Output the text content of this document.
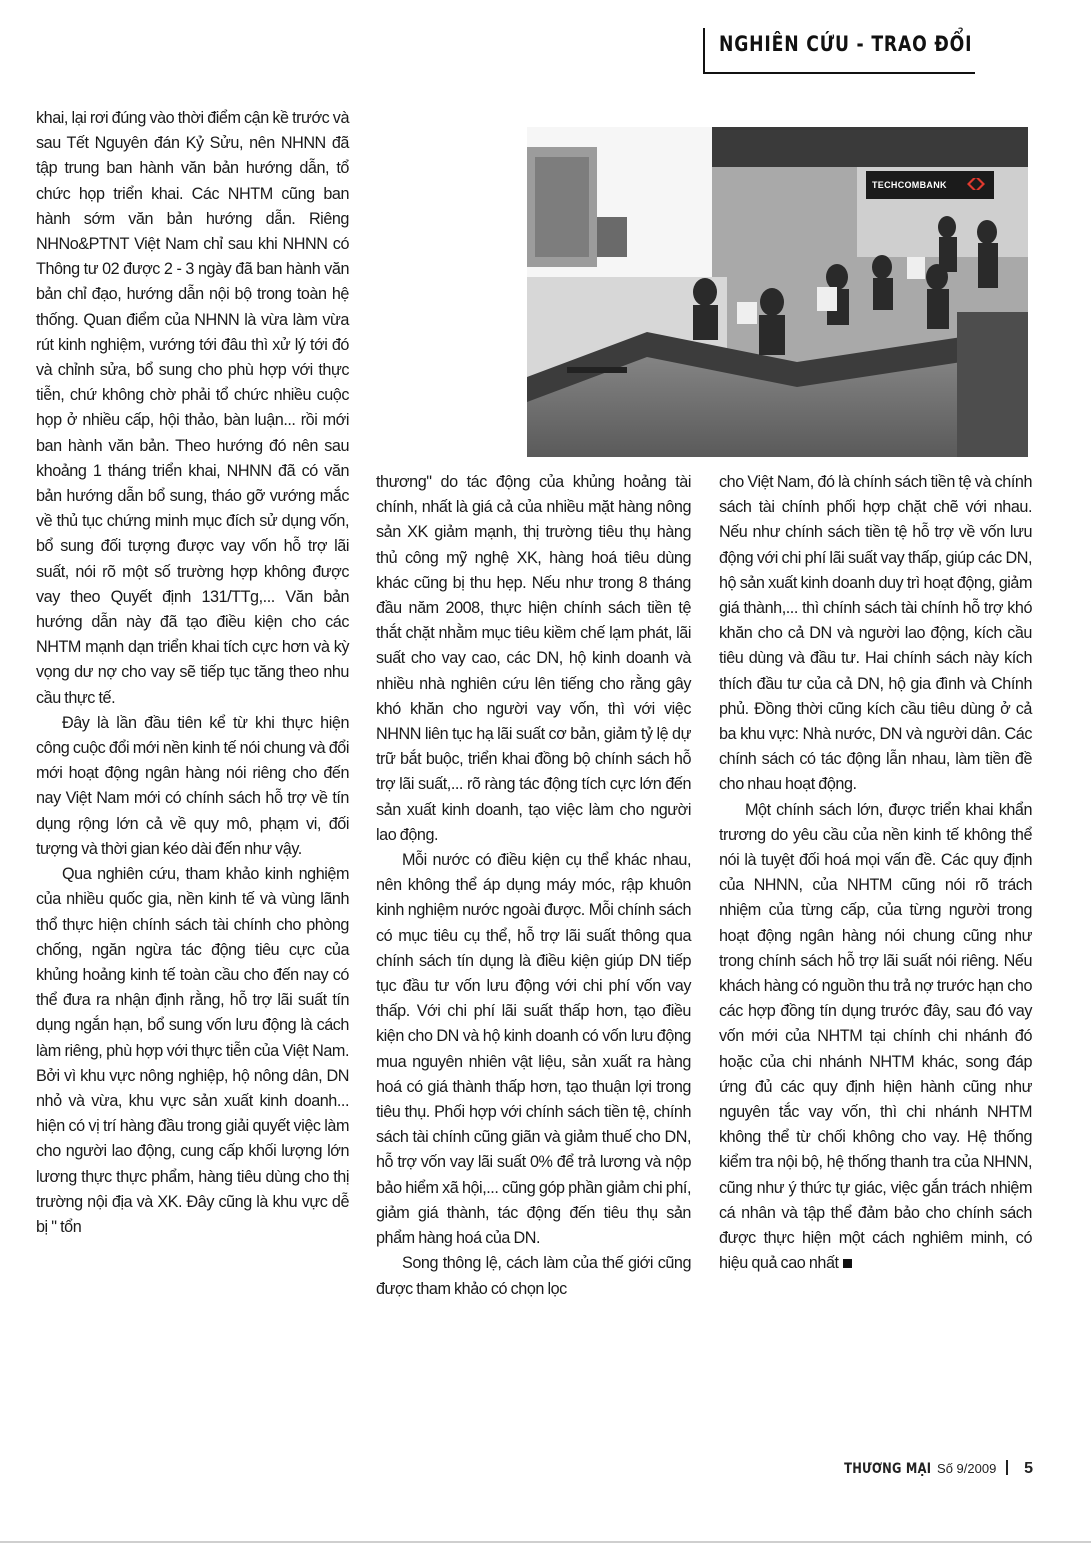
NGHIÊN CỨU - TRAO ĐỔI

khai, lại rơi đúng vào thời điểm cận kề trước và sau Tết Nguyên đán Kỷ Sửu, nên NHNN đã tập trung ban hành văn bản hướng dẫn, tổ chức họp triển khai. Các NHTM cũng ban hành sớm văn bản hướng dẫn. Riêng NHNo&PTNT Việt Nam chỉ sau khi NHNN có Thông tư 02 được 2 - 3 ngày đã ban hành văn bản chỉ đạo, hướng dẫn nội bộ trong toàn hệ thống. Quan điểm của NHNN là vừa làm vừa rút kinh nghiệm, vướng tới đâu thì xử lý tới đó và chỉnh sửa, bổ sung cho phù hợp với thực tiễn, chứ không chờ phải tổ chức nhiều cuộc họp ở nhiều cấp, hội thảo, bàn luận... rồi mới ban hành văn bản. Theo hướng đó nên sau khoảng 1 tháng triển khai, NHNN đã có văn bản hướng dẫn bổ sung, tháo gỡ vướng mắc về thủ tục chứng minh mục đích sử dụng vốn, bổ sung đối tượng được vay vốn hỗ trợ lãi suất, nói rõ một số trường hợp không được vay theo Quyết định 131/TTg,... Văn bản hướng dẫn này đã tạo điều kiện cho các NHTM mạnh dạn triển khai tích cực hơn và kỳ vọng dư nợ cho vay sẽ tiếp tục tăng theo nhu cầu thực tế.

Đây là lần đầu tiên kể từ khi thực hiện công cuộc đổi mới nền kinh tế nói chung và đổi mới hoạt động ngân hàng nói riêng cho đến nay Việt Nam mới có chính sách hỗ trợ về tín dụng rộng lớn cả về quy mô, phạm vi, đối tượng và thời gian kéo dài đến như vậy.

Qua nghiên cứu, tham khảo kinh nghiệm của nhiều quốc gia, nền kinh tế và vùng lãnh thổ thực hiện chính sách tài chính cho phòng chống, ngăn ngừa tác động tiêu cực của khủng hoảng kinh tế toàn cầu cho đến nay có thể đưa ra nhận định rằng, hỗ trợ lãi suất tín dụng ngắn hạn, bổ sung vốn lưu động là cách làm riêng, phù hợp với thực tiễn của Việt Nam. Bởi vì khu vực nông nghiệp, hộ nông dân, DN nhỏ và vừa, khu vực sản xuất kinh doanh... hiện có vị trí hàng đầu trong giải quyết việc làm cho người lao động, cung cấp khối lượng lớn lương thực thực phẩm, hàng tiêu dùng cho thị trường nội địa và XK. Đây cũng là khu vực dễ bị " tổn

TECHCOMBANK

thương" do tác động của khủng hoảng tài chính, nhất là giá cả của nhiều mặt hàng nông sản XK giảm mạnh, thị trường tiêu thụ hàng thủ công mỹ nghệ XK, hàng hoá tiêu dùng khác cũng bị thu hẹp. Nếu như trong 8 tháng đầu năm 2008, thực hiện chính sách tiền tệ thắt chặt nhằm mục tiêu kiềm chế lạm phát, lãi suất cho vay cao, các DN, hộ kinh doanh và nhiều nhà nghiên cứu lên tiếng cho rằng gây khó khăn cho người vay vốn, thì với việc NHNN liên tục hạ lãi suất cơ bản, giảm tỷ lệ dự trữ bắt buộc, triển khai đồng bộ chính sách hỗ trợ lãi suất,... rõ ràng tác động tích cực lớn đến sản xuất kinh doanh, tạo việc làm cho người lao động.

Mỗi nước có điều kiện cụ thể khác nhau, nên không thể áp dụng máy móc, rập khuôn kinh nghiệm nước ngoài được. Mỗi chính sách có mục tiêu cụ thể, hỗ trợ lãi suất thông qua chính sách tín dụng là điều kiện giúp DN tiếp tục đầu tư vốn lưu động với chi phí vốn vay thấp. Với chi phí lãi suất thấp hơn, tạo điều kiện cho DN và hộ kinh doanh có vốn lưu động mua nguyên nhiên vật liệu, sản xuất ra hàng hoá có giá thành thấp hơn, tạo thuận lợi trong tiêu thụ. Phối hợp với chính sách tiền tệ, chính sách tài chính cũng giãn và giảm thuế cho DN, hỗ trợ vốn vay lãi suất 0% để trả lương và nộp bảo hiểm xã hội,... cũng góp phần giảm chi phí, giảm giá thành, tác động đến tiêu thụ sản phẩm hàng hoá của DN.

Song thông lệ, cách làm của thế giới cũng được tham khảo có chọn lọc

cho Việt Nam, đó là chính sách tiền tệ và chính sách tài chính phối hợp chặt chẽ với nhau. Nếu như chính sách tiền tệ hỗ trợ về vốn lưu động với chi phí lãi suất vay thấp, giúp các DN, hộ sản xuất kinh doanh duy trì hoạt động, giảm giá thành,... thì chính sách tài chính hỗ trợ khó khăn cho cả DN và người lao động, kích cầu tiêu dùng và đầu tư. Hai chính sách này kích thích đầu tư của cả DN, hộ gia đình và Chính phủ. Đồng thời cũng kích cầu tiêu dùng ở cả ba khu vực: Nhà nước, DN và người dân. Các chính sách có tác động lẫn nhau, làm tiền đề cho nhau hoạt động.

Một chính sách lớn, được triển khai khẩn trương do yêu cầu của nền kinh tế không thể nói là tuyệt đối hoá mọi vấn đề. Các quy định của NHNN, của NHTM cũng nói rõ trách nhiệm của từng cấp, của từng người trong hoạt động ngân hàng nói chung cũng như trong chính sách hỗ trợ lãi suất nói riêng. Nếu khách hàng có nguồn thu trả nợ trước hạn cho các hợp đồng tín dụng trước đây, sau đó vay vốn mới của NHTM tại chính chi nhánh đó hoặc của chi nhánh NHTM khác, song đáp ứng đủ các quy định hiện hành cũng như nguyên tắc vay vốn, thì chi nhánh NHTM không thể từ chối không cho vay. Hệ thống kiểm tra nội bộ, hệ thống thanh tra của NHNN, cũng như ý thức tự giác, việc gắn trách nhiệm cá nhân và tập thể đảm bảo cho chính sách được thực hiện một cách nghiêm minh, có hiệu quả cao nhất

THƯƠNG MẠI Số 9/2009 5
